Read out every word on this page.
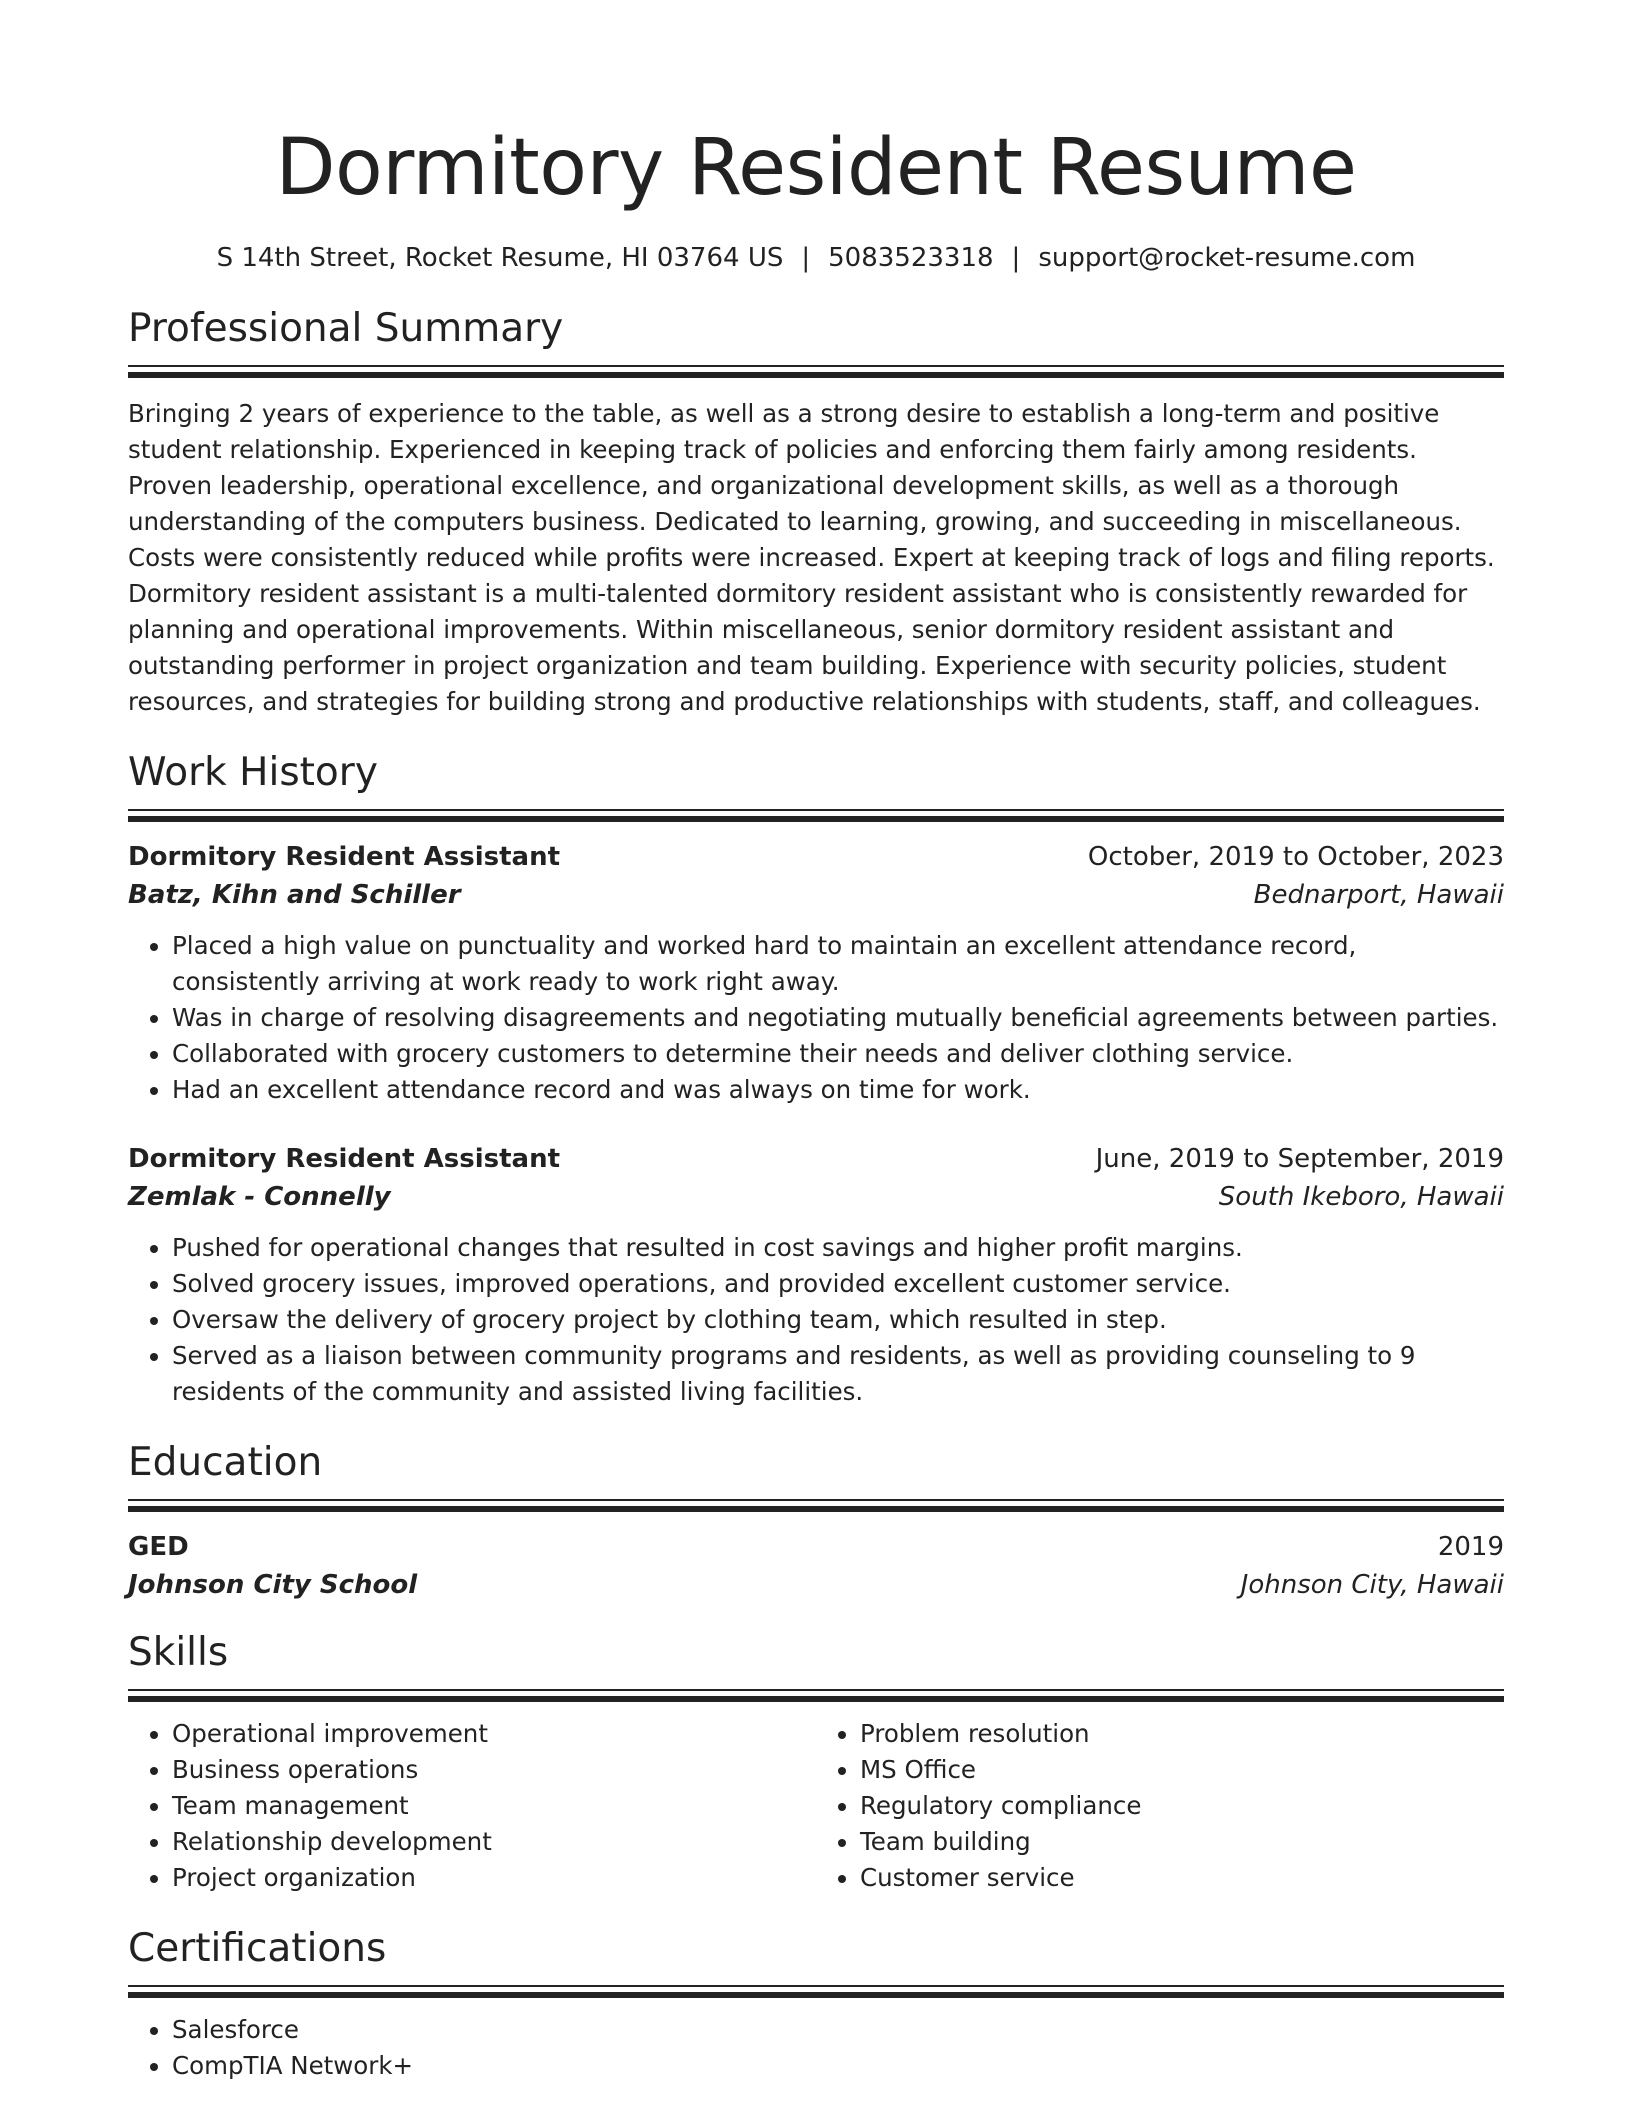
Dormitory Resident Resume
S 14th Street, Rocket Resume, HI 03764 US | 5083523318 | support@rocket-resume.com
Professional Summary

Bringing 2 years of experience to the table, as well as a strong desire to establish a long-term and positive student relationship. Experienced in keeping track of policies and enforcing them fairly among residents. Proven leadership, operational excellence, and organizational development skills, as well as a thorough understanding of the computers business. Dedicated to learning, growing, and succeeding in miscellaneous. Costs were consistently reduced while profits were increased. Expert at keeping track of logs and filing reports. Dormitory resident assistant is a multi-talented dormitory resident assistant who is consistently rewarded for planning and operational improvements. Within miscellaneous, senior dormitory resident assistant and outstanding performer in project organization and team building. Experience with security policies, student resources, and strategies for building strong and productive relationships with students, staff, and colleagues.

Work History
Dormitory Resident Assistant	October, 2019 to October, 2023
Batz, Kihn and Schiller	Bednarport, Hawaii
• Placed a high value on punctuality and worked hard to maintain an excellent attendance record, consistently arriving at work ready to work right away.
• Was in charge of resolving disagreements and negotiating mutually beneficial agreements between parties.
• Collaborated with grocery customers to determine their needs and deliver clothing service.
• Had an excellent attendance record and was always on time for work.
Dormitory Resident Assistant	June, 2019 to September, 2019
Zemlak - Connelly	South Ikeboro, Hawaii
• Pushed for operational changes that resulted in cost savings and higher profit margins.
• Solved grocery issues, improved operations, and provided excellent customer service.
• Oversaw the delivery of grocery project by clothing team, which resulted in step.
• Served as a liaison between community programs and residents, as well as providing counseling to 9 residents of the community and assisted living facilities.
Education
GED	2019
Johnson City School	Johnson City, Hawaii
Skills
• Operational improvement
• Business operations
• Team management
• Relationship development
• Project organization
• Problem resolution
• MS Office
• Regulatory compliance
• Team building
• Customer service
Certifications
• Salesforce
• CompTIA Network+
